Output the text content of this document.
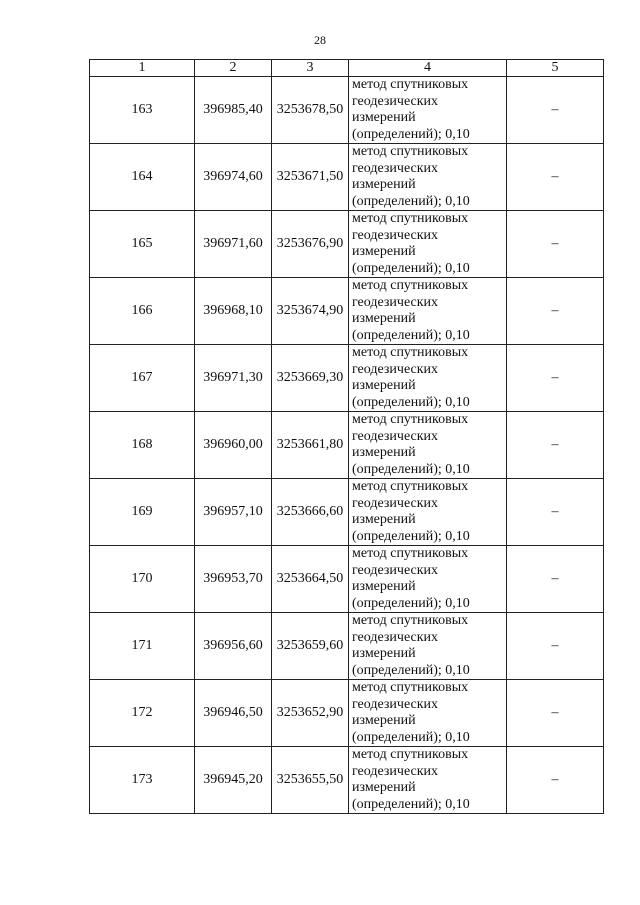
28
1	2	3	4	5
163	396985,40	3253678,50	метод спутниковых
геодезических
измерений
(определений); 0,10	–
164	396974,60	3253671,50	метод спутниковых
геодезических
измерений
(определений); 0,10	–
165	396971,60	3253676,90	метод спутниковых
геодезических
измерений
(определений); 0,10	–
166	396968,10	3253674,90	метод спутниковых
геодезических
измерений
(определений); 0,10	–
167	396971,30	3253669,30	метод спутниковых
геодезических
измерений
(определений); 0,10	–
168	396960,00	3253661,80	метод спутниковых
геодезических
измерений
(определений); 0,10	–
169	396957,10	3253666,60	метод спутниковых
геодезических
измерений
(определений); 0,10	–
170	396953,70	3253664,50	метод спутниковых
геодезических
измерений
(определений); 0,10	–
171	396956,60	3253659,60	метод спутниковых
геодезических
измерений
(определений); 0,10	–
172	396946,50	3253652,90	метод спутниковых
геодезических
измерений
(определений); 0,10	–
173	396945,20	3253655,50	метод спутниковых
геодезических
измерений
(определений); 0,10	–
